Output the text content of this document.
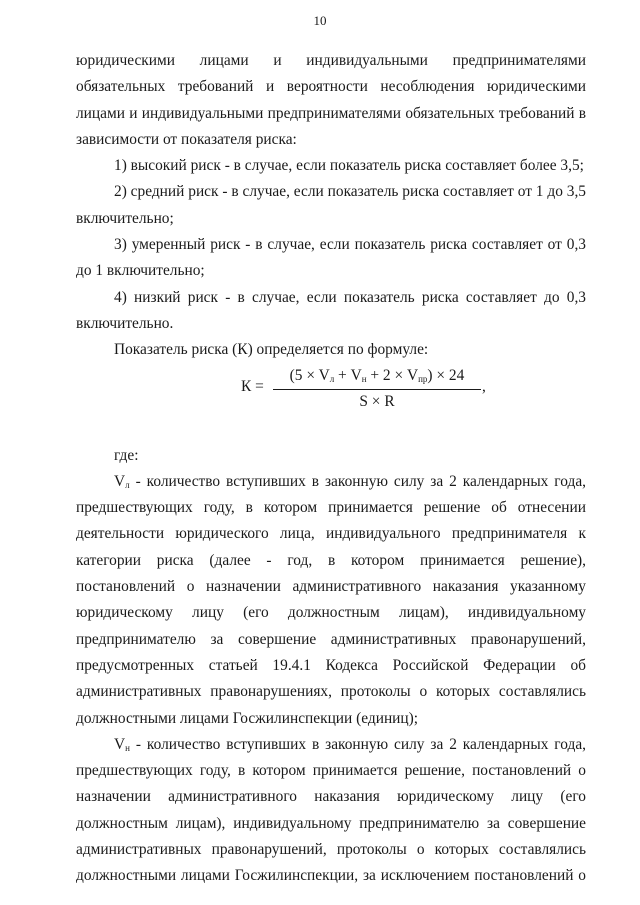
10

юридическими лицами и индивидуальными предпринимателями обязательных требований и вероятности несоблюдения юридическими лицами и индивидуальными предпринимателями обязательных требований в зависимости от показателя риска:

1) высокий риск - в случае, если показатель риска составляет более 3,5;

2) средний риск - в случае, если показатель риска составляет от 1 до 3,5 включительно;

3) умеренный риск - в случае, если показатель риска составляет от 0,3 до 1 включительно;

4) низкий риск - в случае, если показатель риска составляет до 0,3 включительно.

Показатель риска (К) определяется по формуле:

где:

$V_л$ - количество вступивших в законную силу за 2 календарных года, предшествующих году, в котором принимается решение об отнесении деятельности юридического лица, индивидуального предпринимателя к категории риска (далее - год, в котором принимается решение), постановлений о назначении административного наказания указанному юридическому лицу (его должностным лицам), индивидуальному предпринимателю за совершение административных правонарушений, предусмотренных статьей 19.4.1 Кодекса Российской Федерации об административных правонарушениях, протоколы о которых составлялись должностными лицами Госжилинспекции (единиц);

$V_н$ - количество вступивших в законную силу за 2 календарных года, предшествующих году, в котором принимается решение, постановлений о назначении административного наказания юридическому лицу (его должностным лицам), индивидуальному предпринимателю за совершение административных правонарушений, протоколы о которых составлялись должностными лицами Госжилинспекции, за исключением постановлений о

К =
$(5 \times V_л + V_н + 2 \times V_{пр}) \times 24$
S × R
,
